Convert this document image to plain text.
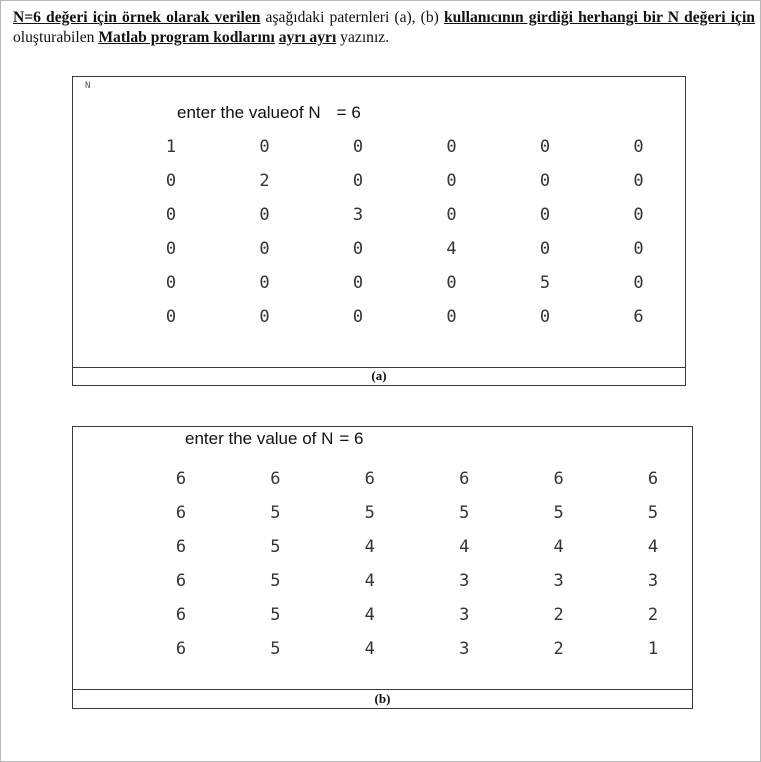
N=6 değeri için örnek olarak verilen aşağıdaki paternleri (a), (b) kullanıcının girdiği herhangi bir N değeri için oluşturabilen Matlab program kodlarını ayrı ayrı yazınız.
N
enter the valueof N = 6
1	0	0	0	0	0
0	2	0	0	0	0
0	0	3	0	0	0
0	0	0	4	0	0
0	0	0	0	5	0
0	0	0	0	0	6
(a)
enter the value of N = 6
6	6	6	6	6	6
6	5	5	5	5	5
6	5	4	4	4	4
6	5	4	3	3	3
6	5	4	3	2	2
6	5	4	3	2	1
(b)
